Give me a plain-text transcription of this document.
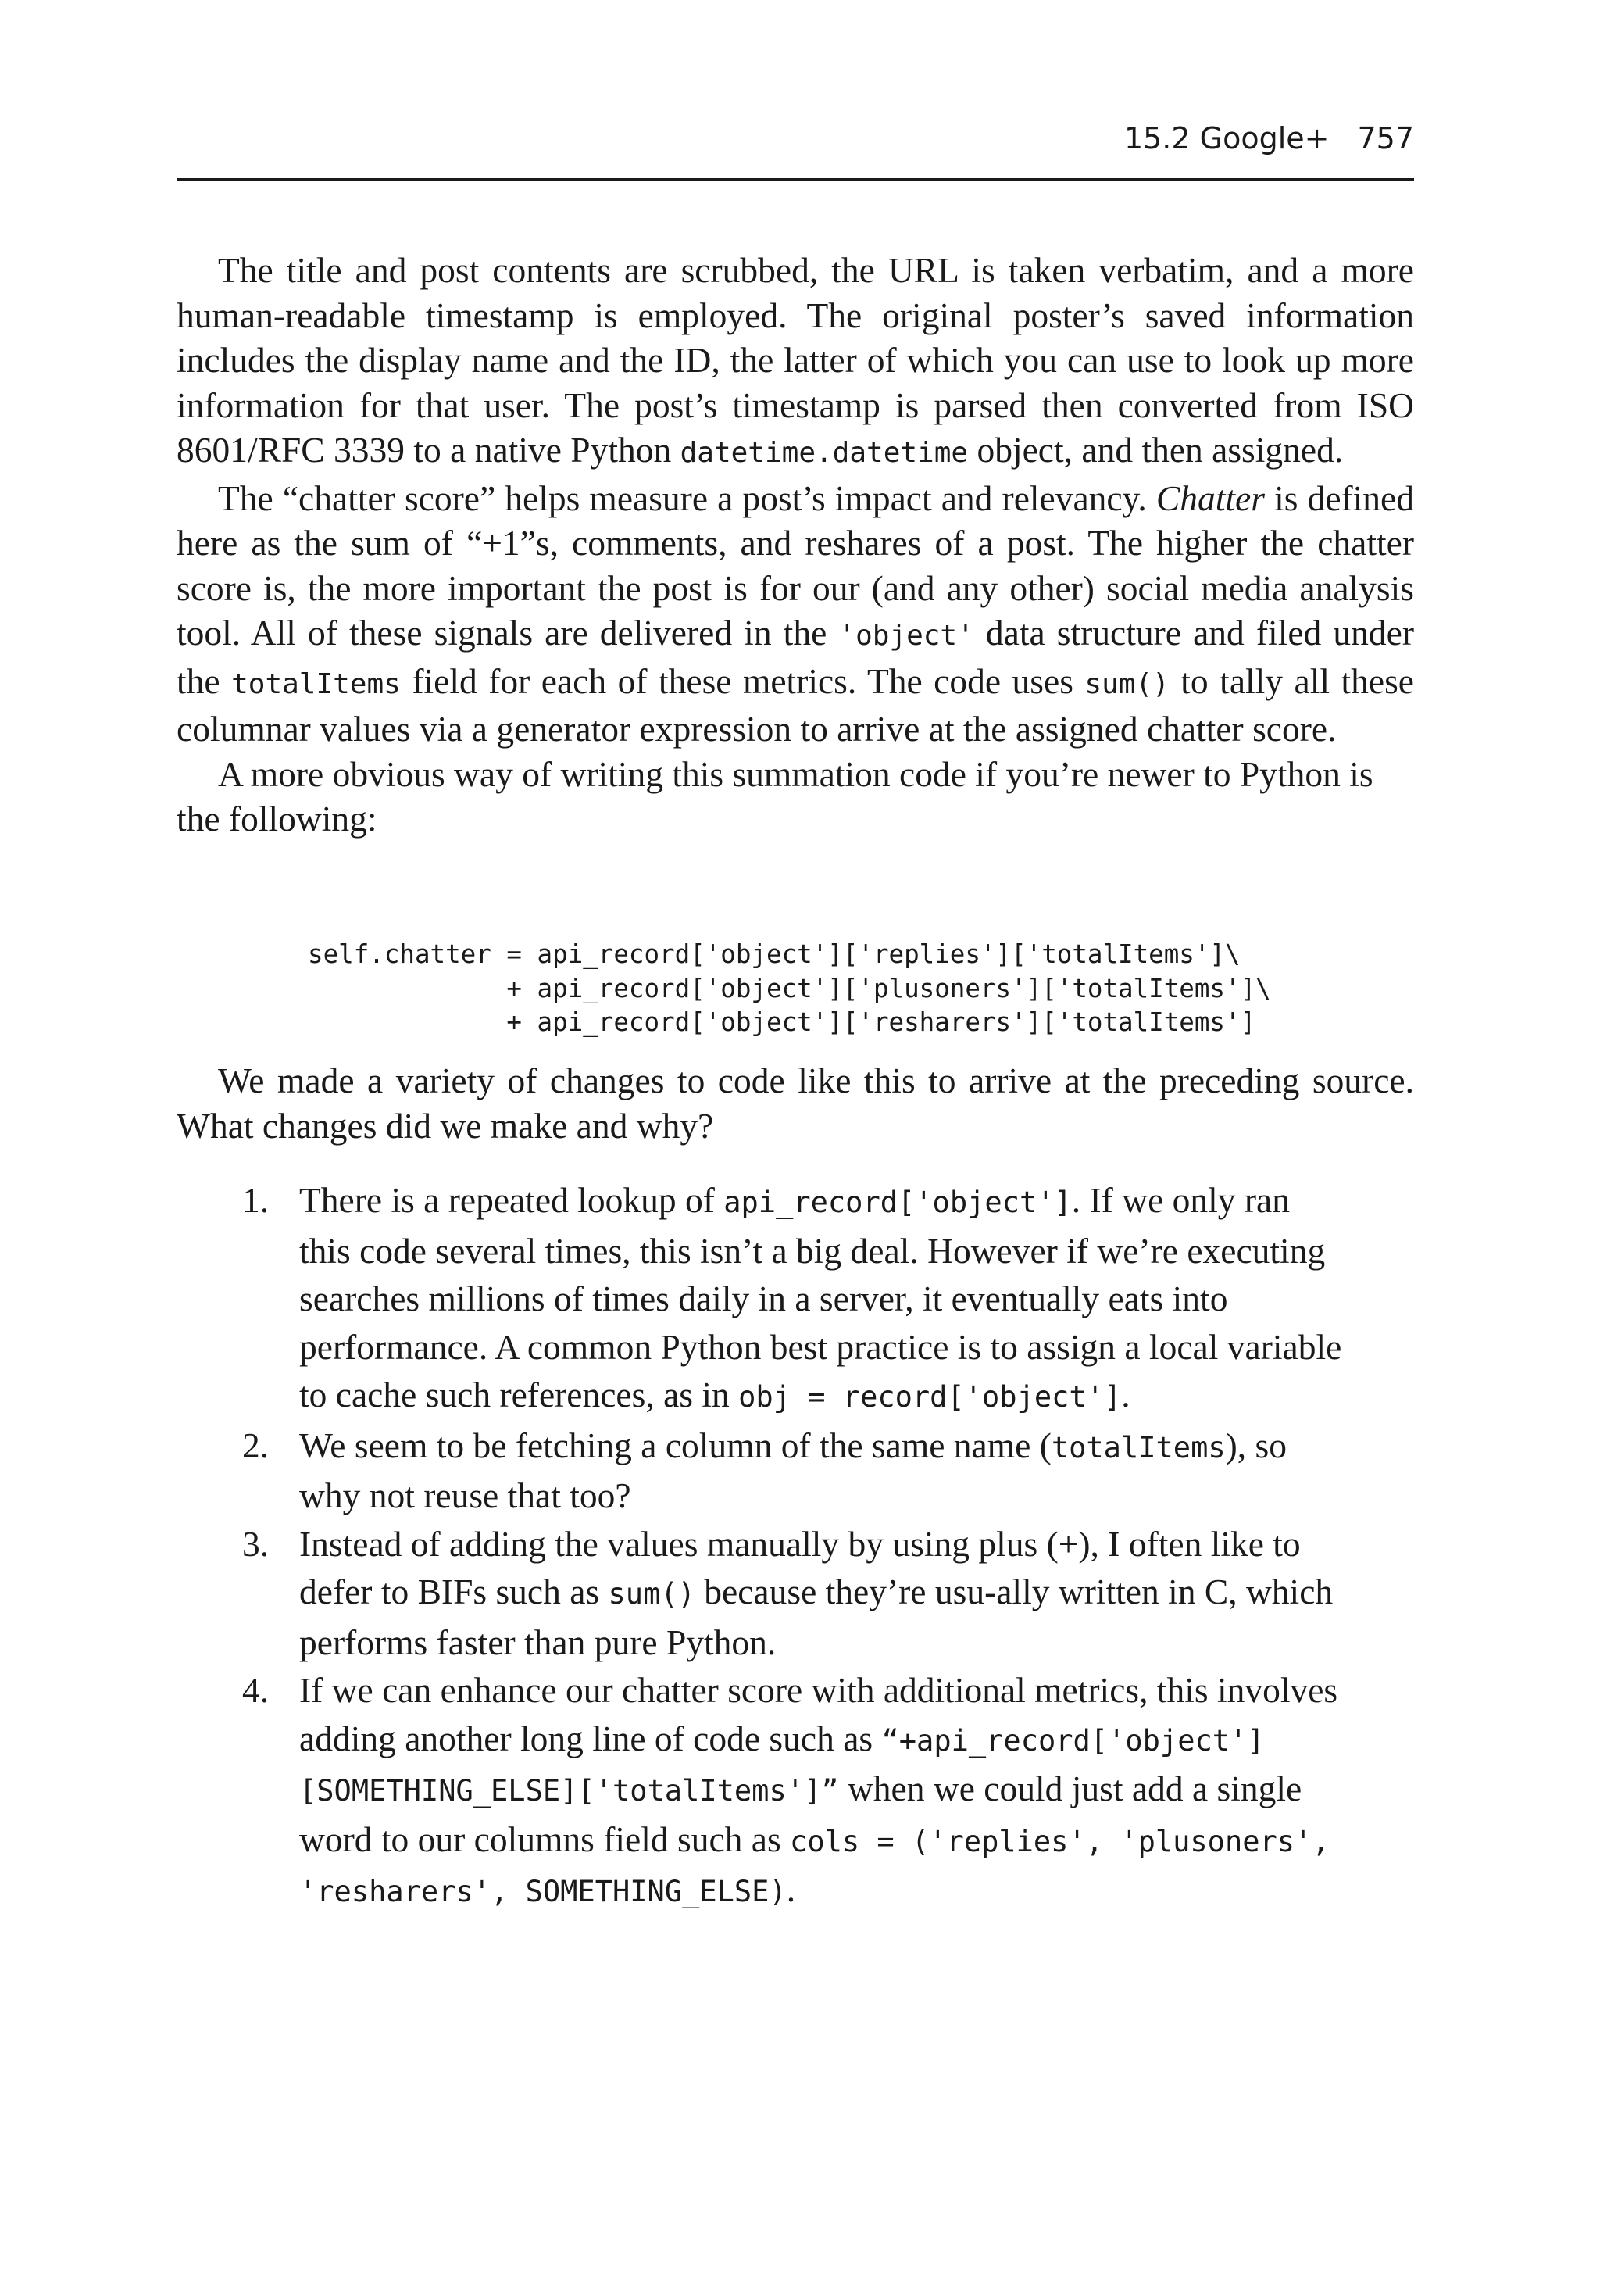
15.2 Google+ 757

The title and post contents are scrubbed, the URL is taken verbatim, and a more human-readable timestamp is employed. The original poster’s saved information includes the display name and the ID, the latter of which you can use to look up more information for that user. The post’s timestamp is parsed then converted from ISO 8601/RFC 3339 to a native Python datetime.datetime object, and then assigned.

The “chatter score” helps measure a post’s impact and relevancy. Chatter is defined here as the sum of “+1”s, comments, and reshares of a post. The higher the chatter score is, the more important the post is for our (and any other) social media analysis tool. All of these signals are delivered in the 'object' data structure and filed under the totalItems field for each of these metrics. The code uses sum() to tally all these columnar values via a generator expression to arrive at the assigned chatter score.

A more obvious way of writing this summation code if you’re newer to Python is the following:

self.chatter = api_record['object']['replies']['totalItems']\
+ api_record['object']['plusoners']['totalItems']\
+ api_record['object']['resharers']['totalItems']

We made a variety of changes to code like this to arrive at the preceding source. What changes did we make and why?

1. There is a repeated lookup of api_record['object']. If we only ran this code several times, this isn’t a big deal. However if we’re executing searches millions of times daily in a server, it eventually eats into performance. A common Python best practice is to assign a local variable to cache such references, as in obj = record['object'].

2. We seem to be fetching a column of the same name (totalItems), so why not reuse that too?

3. Instead of adding the values manually by using plus (+), I often like to defer to BIFs such as sum() because they’re usu-ally written in C, which performs faster than pure Python.

4. If we can enhance our chatter score with additional metrics, this involves adding another long line of code such as “+api_record['object'][SOMETHING_ELSE]['totalItems']” when we could just add a single word to our columns field such as cols = ('replies', 'plusoners', 'resharers', SOMETHING_ELSE).
